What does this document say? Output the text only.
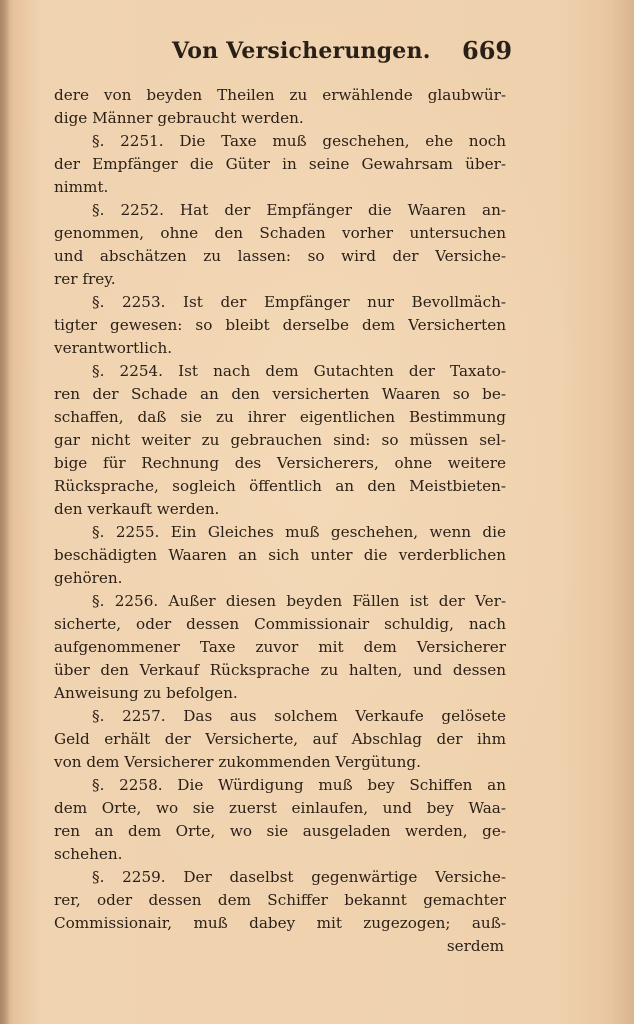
Von Versicherungen. 669
dere von beyden Theilen zu erwählende glaubwür-
dige Männer gebraucht werden.
§. 2251. Die Taxe muß geschehen, ehe noch
der Empfänger die Güter in seine Gewahrsam über-
nimmt.
§. 2252. Hat der Empfänger die Waaren an-
genommen, ohne den Schaden vorher untersuchen
und abschätzen zu lassen: so wird der Versiche-
rer frey.
§. 2253. Ist der Empfänger nur Bevollmäch-
tigter gewesen: so bleibt derselbe dem Versicherten
verantwortlich.
§. 2254. Ist nach dem Gutachten der Taxato-
ren der Schade an den versicherten Waaren so be-
schaffen, daß sie zu ihrer eigentlichen Bestimmung
gar nicht weiter zu gebrauchen sind: so müssen sel-
bige für Rechnung des Versicherers, ohne weitere
Rücksprache, sogleich öffentlich an den Meistbieten-
den verkauft werden.
§. 2255. Ein Gleiches muß geschehen, wenn die
beschädigten Waaren an sich unter die verderblichen
gehören.
§. 2256. Außer diesen beyden Fällen ist der Ver-
sicherte, oder dessen Commissionair schuldig, nach
aufgenommener Taxe zuvor mit dem Versicherer
über den Verkauf Rücksprache zu halten, und dessen
Anweisung zu befolgen.
§. 2257. Das aus solchem Verkaufe gelösete
Geld erhält der Versicherte, auf Abschlag der ihm
von dem Versicherer zukommenden Vergütung.
§. 2258. Die Würdigung muß bey Schiffen an
dem Orte, wo sie zuerst einlaufen, und bey Waa-
ren an dem Orte, wo sie ausgeladen werden, ge-
schehen.
§. 2259. Der daselbst gegenwärtige Versiche-
rer, oder dessen dem Schiffer bekannt gemachter
Commissionair, muß dabey mit zugezogen; auß-
serdem
